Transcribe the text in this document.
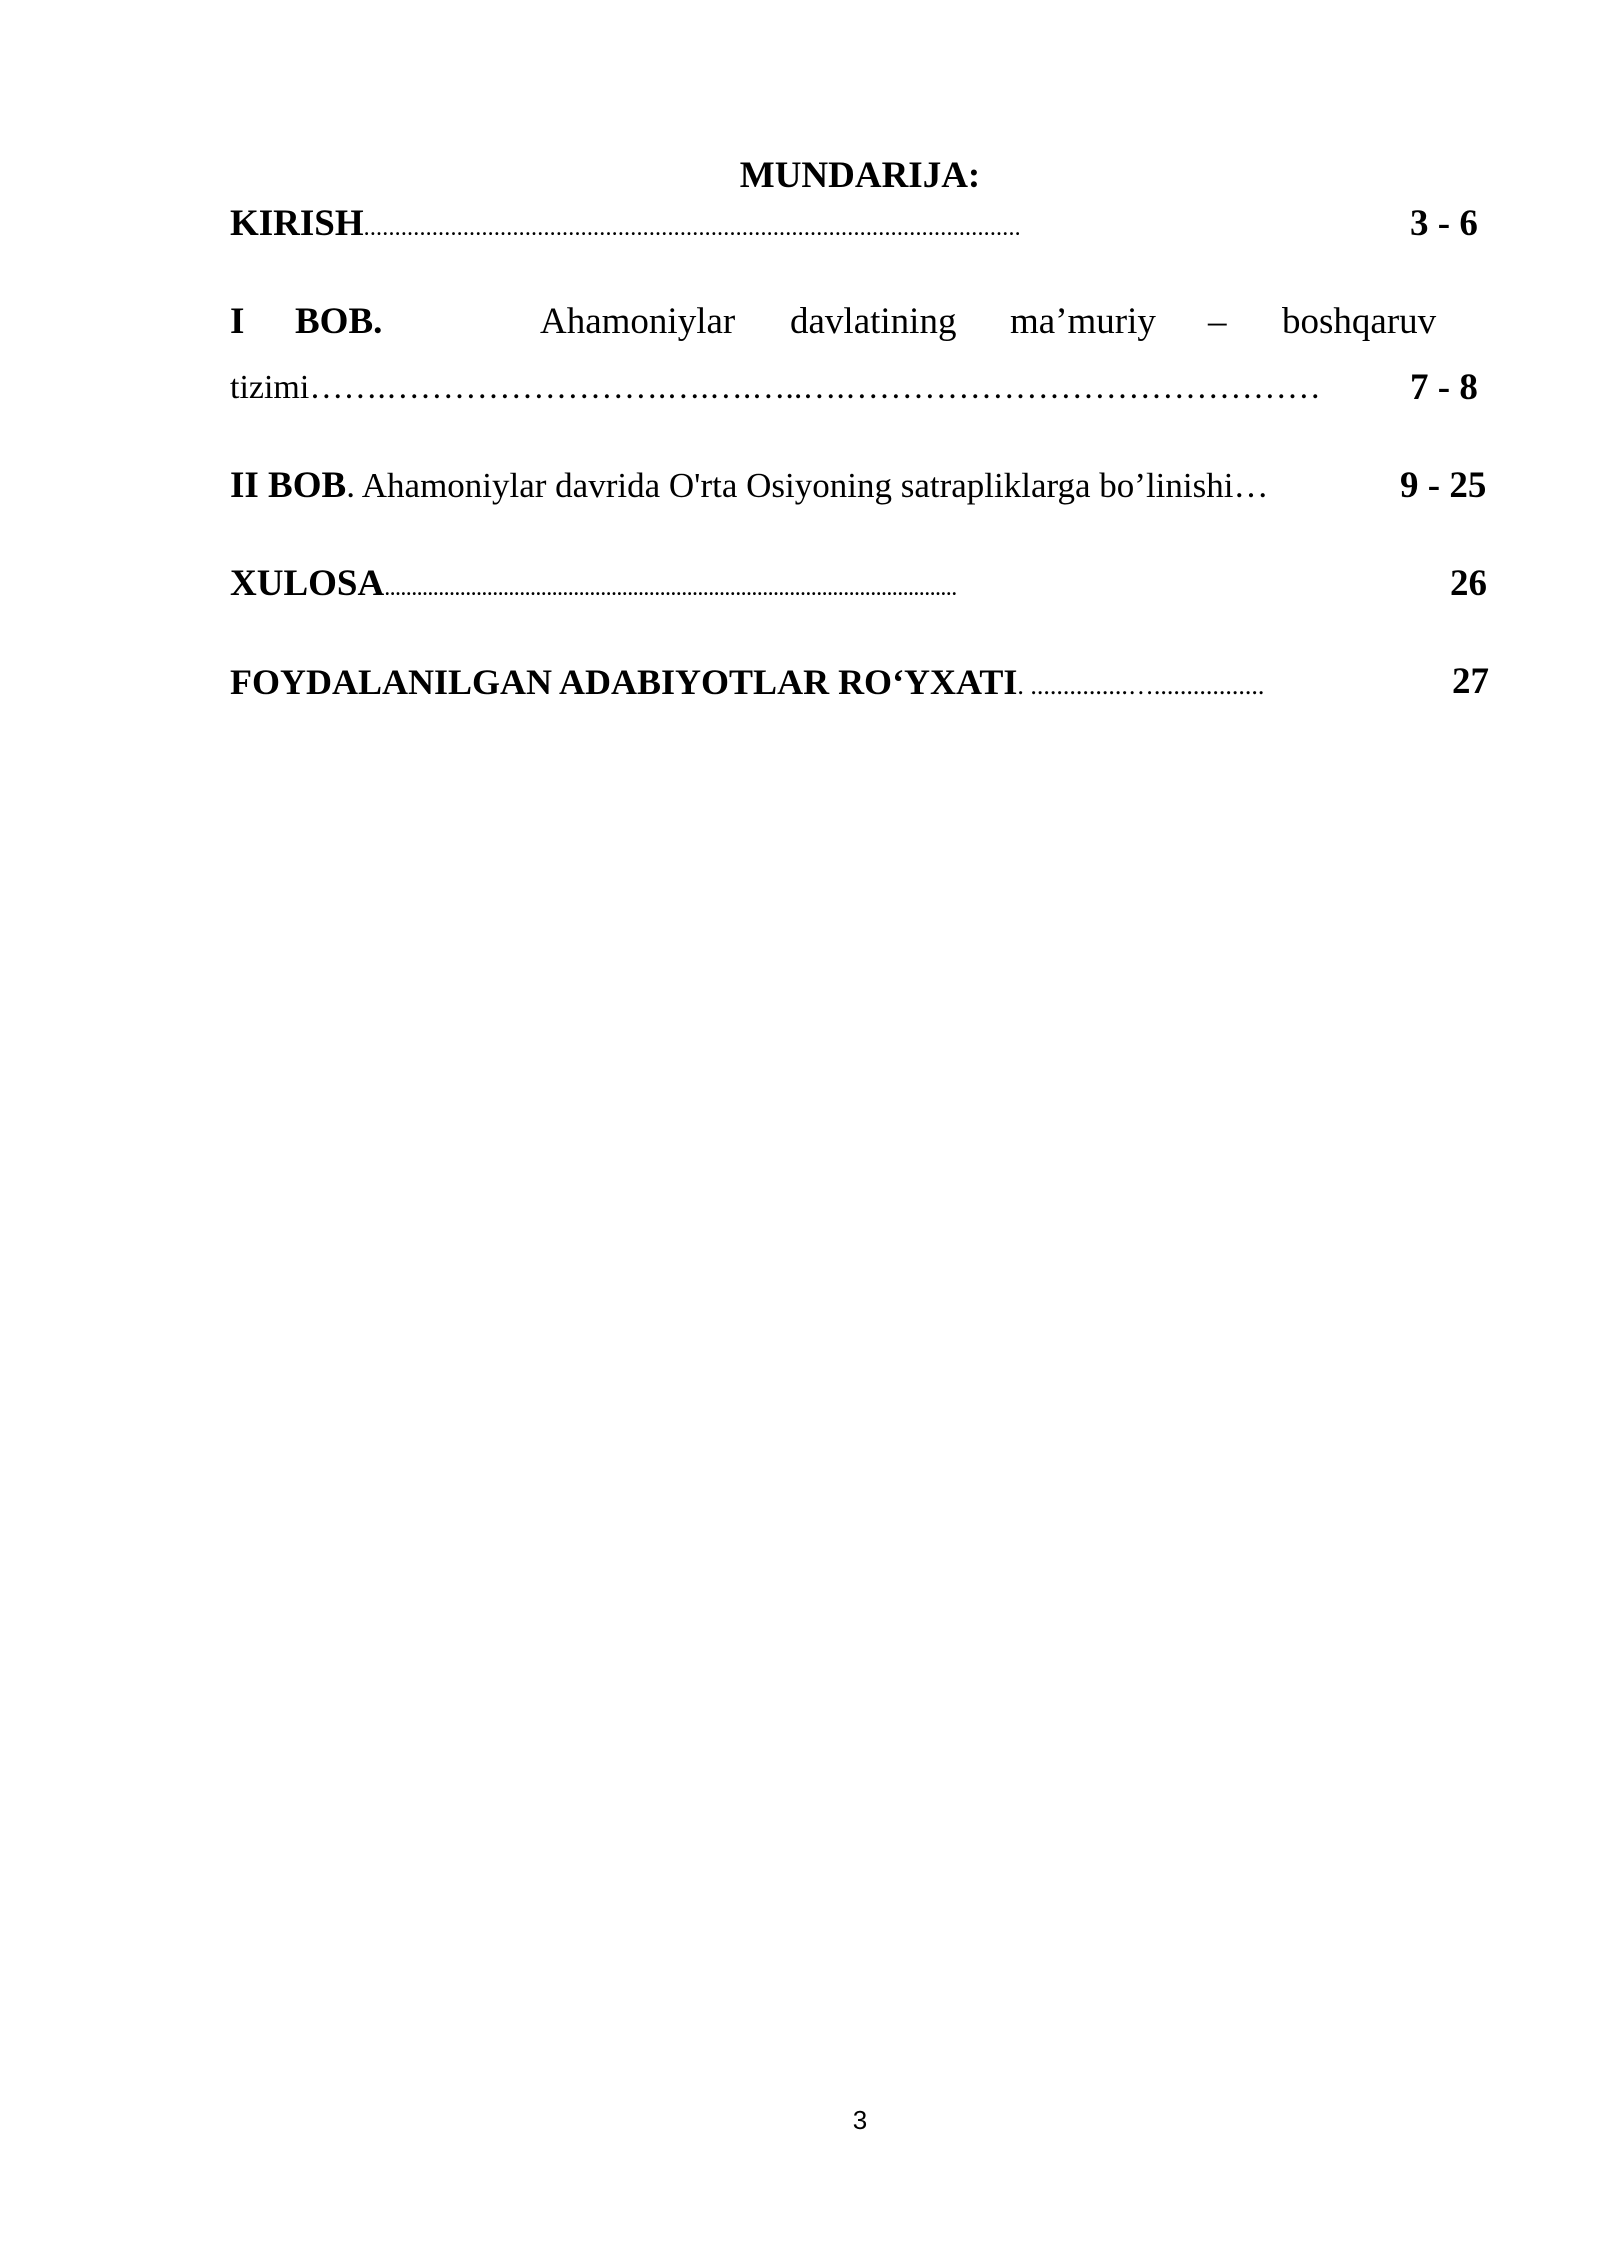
MUNDARIJA:
KIRISH..........................................................................................................	3 - 6
I BOB.	Ahamoniylar davlatining ma’muriy – boshqaruv
tizimi…….…………………….….….…..….…………………………………… 7 - 8
II BOB. Ahamoniylar davrida O'rta Osiyoning satrapliklarga bo’linishi…	9 - 25
XULOSA..........................................................................................................	26
FOYDALANILGAN ADABIYOTLAR RO‘YXATI. ...............….................	27
3
